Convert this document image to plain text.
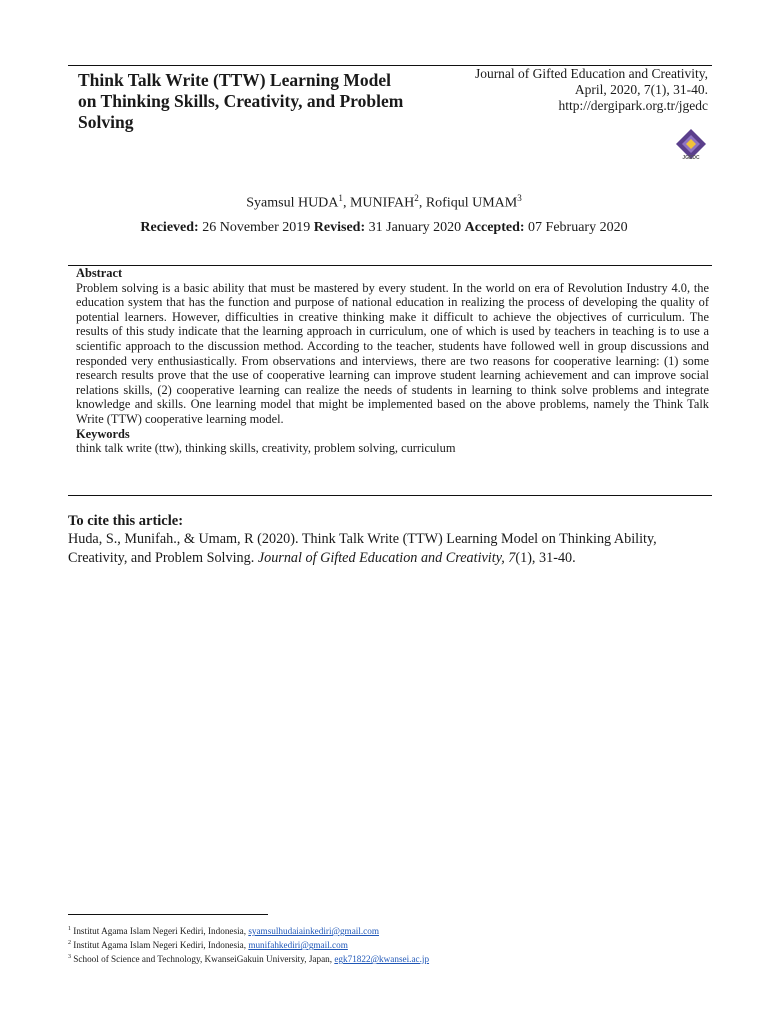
Think Talk Write (TTW) Learning Model on Thinking Skills, Creativity, and Problem Solving
Journal of Gifted Education and Creativity,
April, 2020, 7(1), 31-40.
http://dergipark.org.tr/jgedc
JGEDC
Syamsul HUDA$^1$, MUNIFAH$^2$, Rofiqul UMAM$^3$
Recieved: 26 November 2019 Revised: 31 January 2020 Accepted: 07 February 2020
Abstract
Problem solving is a basic ability that must be mastered by every student. In the world on era of Revolution Industry 4.0, the education system that has the function and purpose of national education in realizing the process of developing the quality of potential learners. However, difficulties in creative thinking make it difficult to achieve the objectives of curriculum. The results of this study indicate that the learning approach in curriculum, one of which is used by teachers in teaching is to use a scientific approach to the discussion method. According to the teacher, students have followed well in group discussions and responded very enthusiastically. From observations and interviews, there are two reasons for cooperative learning: (1) some research results prove that the use of cooperative learning can improve student learning achievement and can improve social relations skills, (2) cooperative learning can realize the needs of students in learning to think solve problems and integrate knowledge and skills. One learning model that might be implemented based on the above problems, namely the Think Talk Write (TTW) cooperative learning model.
Keywords
think talk write (ttw), thinking skills, creativity, problem solving, curriculum
To cite this article:
Huda, S., Munifah., & Umam, R (2020). Think Talk Write (TTW) Learning Model on Thinking Ability, Creativity, and Problem Solving. Journal of Gifted Education and Creativity, 7(1), 31-40.
$^1$ Institut Agama Islam Negeri Kediri, Indonesia, syamsulhudaiainkediri@gmail.com
$^2$ Institut Agama Islam Negeri Kediri, Indonesia, munifahkediri@gmail.com
$^3$ School of Science and Technology, KwanseiGakuin University, Japan, egk71822@kwansei.ac.jp
